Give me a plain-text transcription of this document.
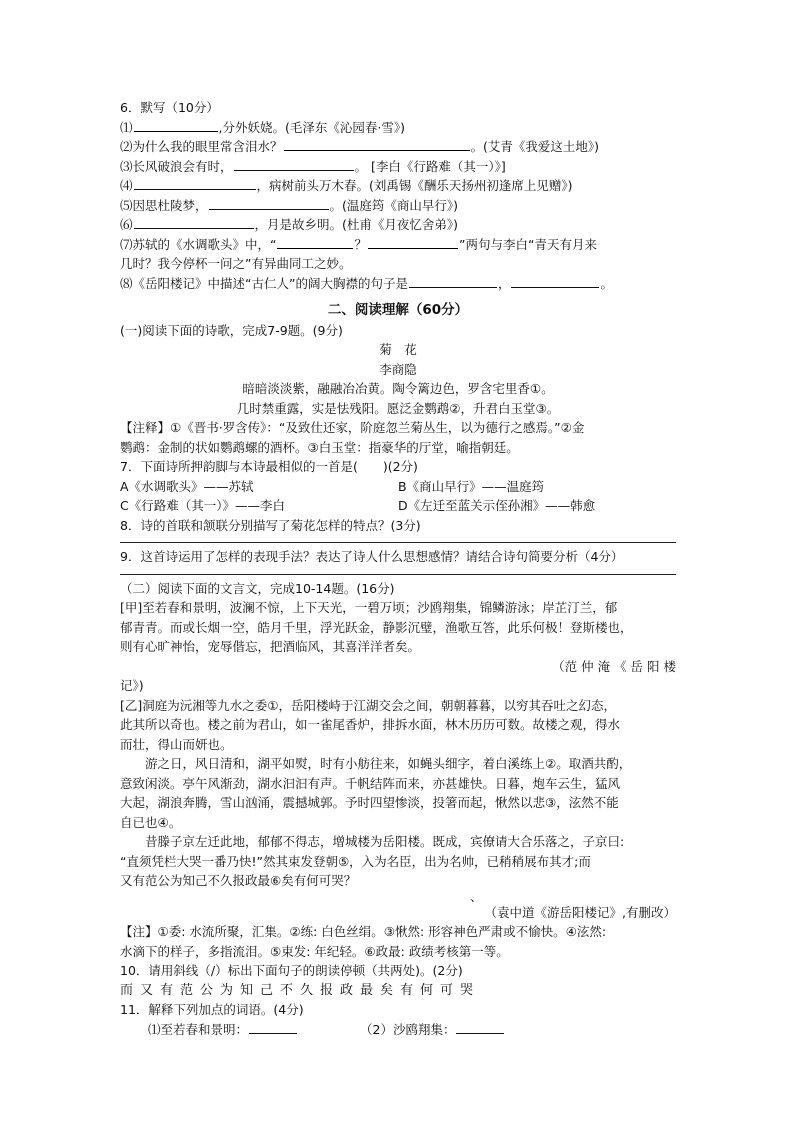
6．默写（10分）
⑴	,分外妖娆。(毛泽东《沁园春·雪》)
⑵为什么我的眼里常含泪水？	。(艾青《我爱这土地》)
⑶长风破浪会有时，	。 [李白《行路难（其一）》]
⑷	，病树前头万木春。(刘禹锡《酬乐天扬州初逢席上见赠》)
⑸因思杜陵梦，	。(温庭筠《商山早行》)
⑹	，月是故乡明。(杜甫《月夜忆舍弟》)
⑺苏轼的《水调歌头》中，“	？	”两句与李白“青天有月来
几时？我今停杯一问之”有异曲同工之妙。
⑻《岳阳楼记》中描述“古仁人”的阔大胸襟的句子是	，	。
二、阅读理解（60分）
(一)阅读下面的诗歌，完成7-9题。(9分)
菊　花
李商隐
暗暗淡淡紫，融融冶冶黄。陶令篱边色，罗含宅里香①。
几时禁重露，实是怯残阳。愿泛金鹦鹉②，升君白玉堂③。
【注释】①《晋书·罗含传》：“及致仕还家，阶庭忽兰菊丛生，以为德行之感焉。”②金
鹦鹉：金制的状如鹦鹉螺的酒杯。③白玉堂：指豪华的厅堂，喻指朝廷。
7．下面诗所押韵脚与本诗最相似的一首是(　　)(2分)
A《水调歌头》——苏轼	B《商山早行》——温庭筠
C《行路难（其一）》——李白	D《左迁至蓝关示侄孙湘》——韩愈
8．诗的首联和颔联分别描写了菊花怎样的特点？(3分)
9．这首诗运用了怎样的表现手法？表达了诗人什么思想感情？请结合诗句简要分析（4分）
（二）阅读下面的文言文，完成10-14题。(16分)
[甲]至若春和景明，波澜不惊，上下天光，一碧万顷；沙鸥翔集，锦鳞游泳；岸芷汀兰，郁
郁青青。而或长烟一空，皓月千里，浮光跃金，静影沉璧，渔歌互答，此乐何极！登斯楼也，
则有心旷神怡，宠辱偕忘，把酒临风，其喜洋洋者矣。
（范 仲 淹 《 岳 阳 楼
记》)
[乙]洞庭为沅湘等九水之委①，岳阳楼峙于江湖交会之间，朝朝暮暮，以穷其吞吐之幻态，
此其所以奇也。楼之前为君山，如一雀尾香炉，排拆水面，林木历历可数。故楼之观，得水
而壮，得山而妍也。
游之日，风日清和，湖平如熨，时有小舫往来，如蝇头细字，着白溪练上②。取酒共酌，
意致闲淡。亭午风渐劲，湖水汩汩有声。千帆结阵而来，亦甚雄快。日暮，炮车云生，猛风
大起，湖浪奔腾，雪山汹涌，震撼城郭。予时四望惨淡，投箸而起，愀然以悲③，泫然不能
自已也④。
昔滕子京左迁此地，郁郁不得志，增城楼为岳阳楼。既成，宾僚请大合乐落之，子京曰:
“直须凭栏大哭一番乃快!”然其束发登朝⑤，入为名臣，出为名帅，已稍稍展布其才;而
又有范公为知己不久报政最⑥矣有何可哭？
、
（袁中道《游岳阳楼记》,有删改）
【注】①委: 水流所聚，汇集。②练: 白色丝绢。③愀然: 形容神色严肃或不愉快。④泫然:
水滴下的样子，多指流泪。⑤束发: 年纪轻。⑥政最: 政绩考核第一等。
10．请用斜线（/）标出下面句子的朗读停顿（共两处)。(2分)
而又有范公为知己不久报政最矣有何可哭
11．解释下列加点的词语。(4分)
⑴至若春和景明：	（2）沙鸥翔集：
